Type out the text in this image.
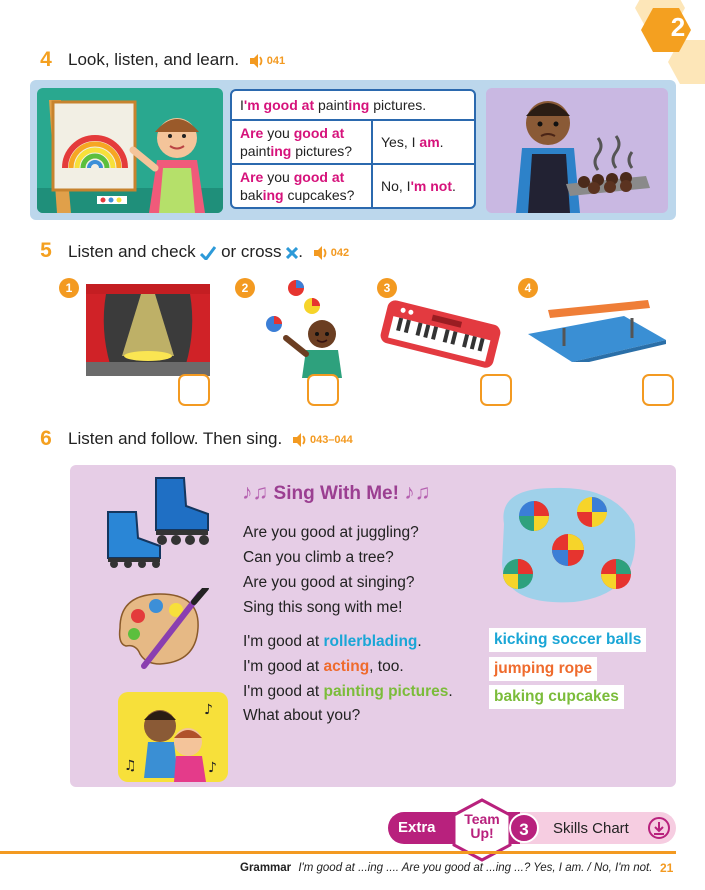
2
4 Look, listen, and learn.	041
I'm good at painting pictures.
Are you good at painting pictures?
Yes, I am.
Are you good at baking cupcakes?
No, I'm not.
5 Listen and check or cross .	042
1	2	3	4
6 Listen and follow. Then sing.	043–044
♪
♫	♪
♪♫ Sing With Me! ♪♫
Are you good at juggling?
Can you climb a tree?
Are you good at singing?
Sing this song with me!
I'm good at rollerblading.
I'm good at acting, too.
I'm good at painting pictures.
What about you?
kicking soccer balls
jumping rope
baking cupcakes
Extra	Team
Up!	3	Skills Chart
Grammar I'm good at ...ing .... Are you good at ...ing ...? Yes, I am. / No, I'm not. 21
